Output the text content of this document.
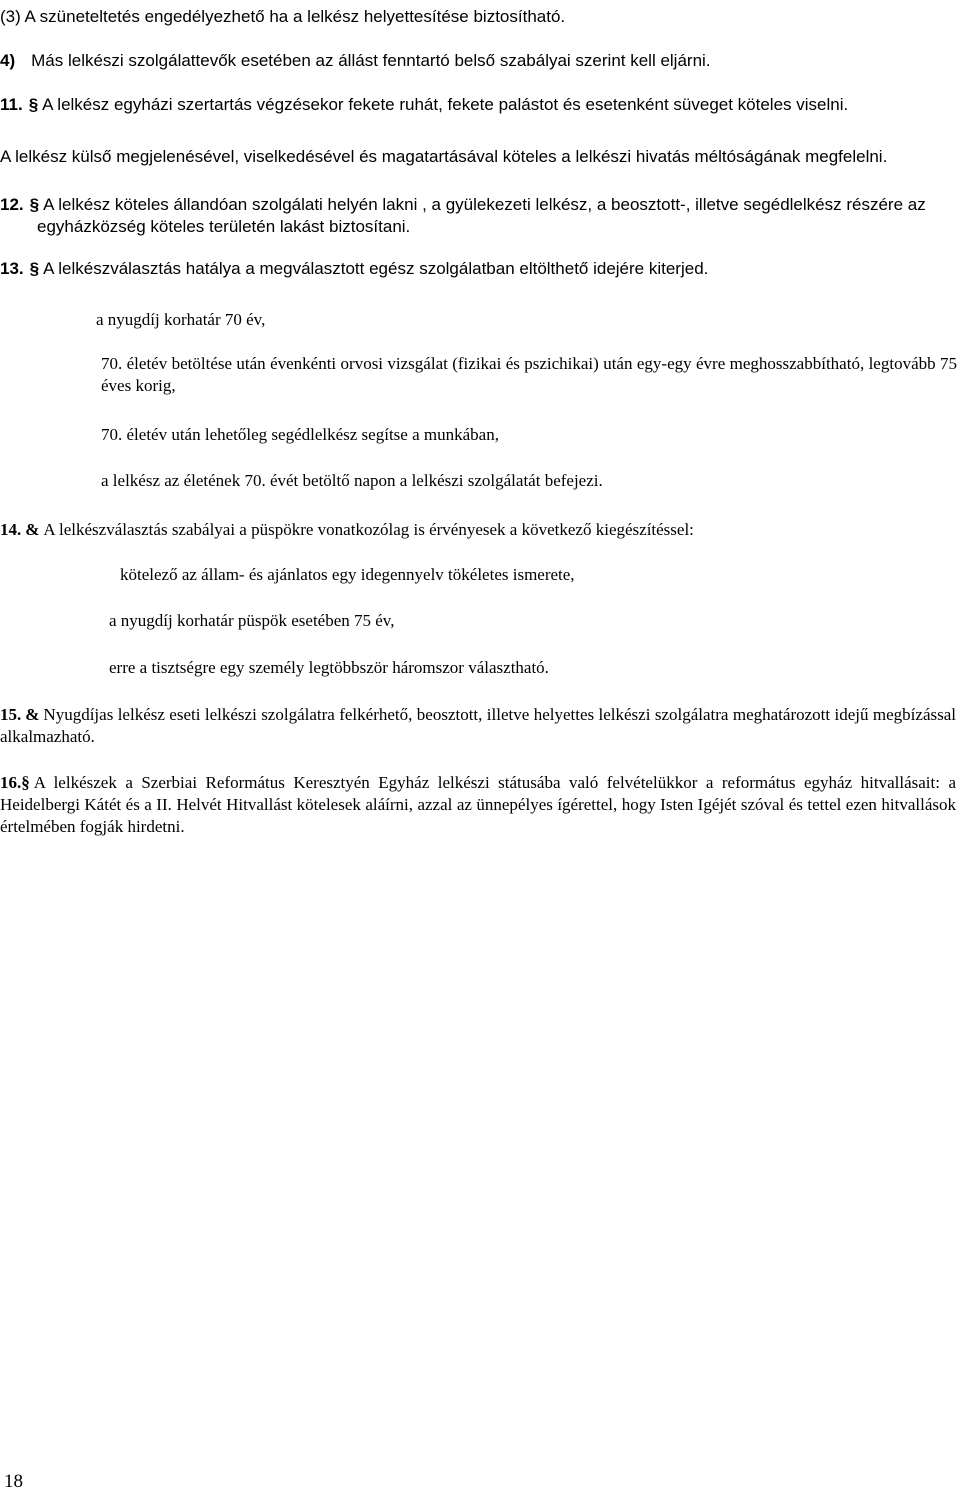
(3) A szüneteltetés engedélyezhető ha a lelkész helyettesítése biztosítható.

4) Más lelkészi szolgálattevők esetében az állást fenntartó belső szabályai szerint kell eljárni.

11. § A lelkész egyházi szertartás végzésekor fekete ruhát, fekete palástot és esetenként süveget köteles viselni.

A lelkész külső megjelenésével, viselkedésével és magatartásával köteles a lelkészi hivatás méltóságának megfelelni.

12. § A lelkész köteles állandóan szolgálati helyén lakni , a gyülekezeti lelkész, a beosztott-, illetve segédlelkész részére az egyházközség köteles területén lakást biztosítani.

13. § A lelkészválasztás hatálya a megválasztott egész szolgálatban eltölthető idejére kiterjed.

a nyugdíj korhatár 70 év,

70. életév betöltése után évenkénti orvosi vizsgálat (fizikai és pszichikai) után egy-egy évre meghosszabbítható, legtovább 75 éves korig,

70. életév után lehetőleg segédlelkész segítse a munkában,

a lelkész az életének 70. évét betöltő napon a lelkészi szolgálatát befejezi.

14. & A lelkészválasztás szabályai a püspökre vonatkozólag is érvényesek a következő kiegészítéssel:

kötelező az állam- és ajánlatos egy idegennyelv tökéletes ismerete,

a nyugdíj korhatár püspök esetében 75 év,

erre a tisztségre egy személy legtöbbször háromszor választható.

15. & Nyugdíjas lelkész eseti lelkészi szolgálatra felkérhető, beosztott, illetve helyettes lelkészi szolgálatra meghatározott idejű megbízással alkalmazható.
16.§ A lelkészek a Szerbiai Református Keresztyén Egyház lelkészi státusába való felvételükkor a református egyház hitvallásait: a Heidelbergi Kátét és a II. Helvét Hitvallást kötelesek aláírni, azzal az ünnepélyes ígérettel, hogy Isten Igéjét szóval és tettel ezen hitvallások értelmében fogják hirdetni.
18
